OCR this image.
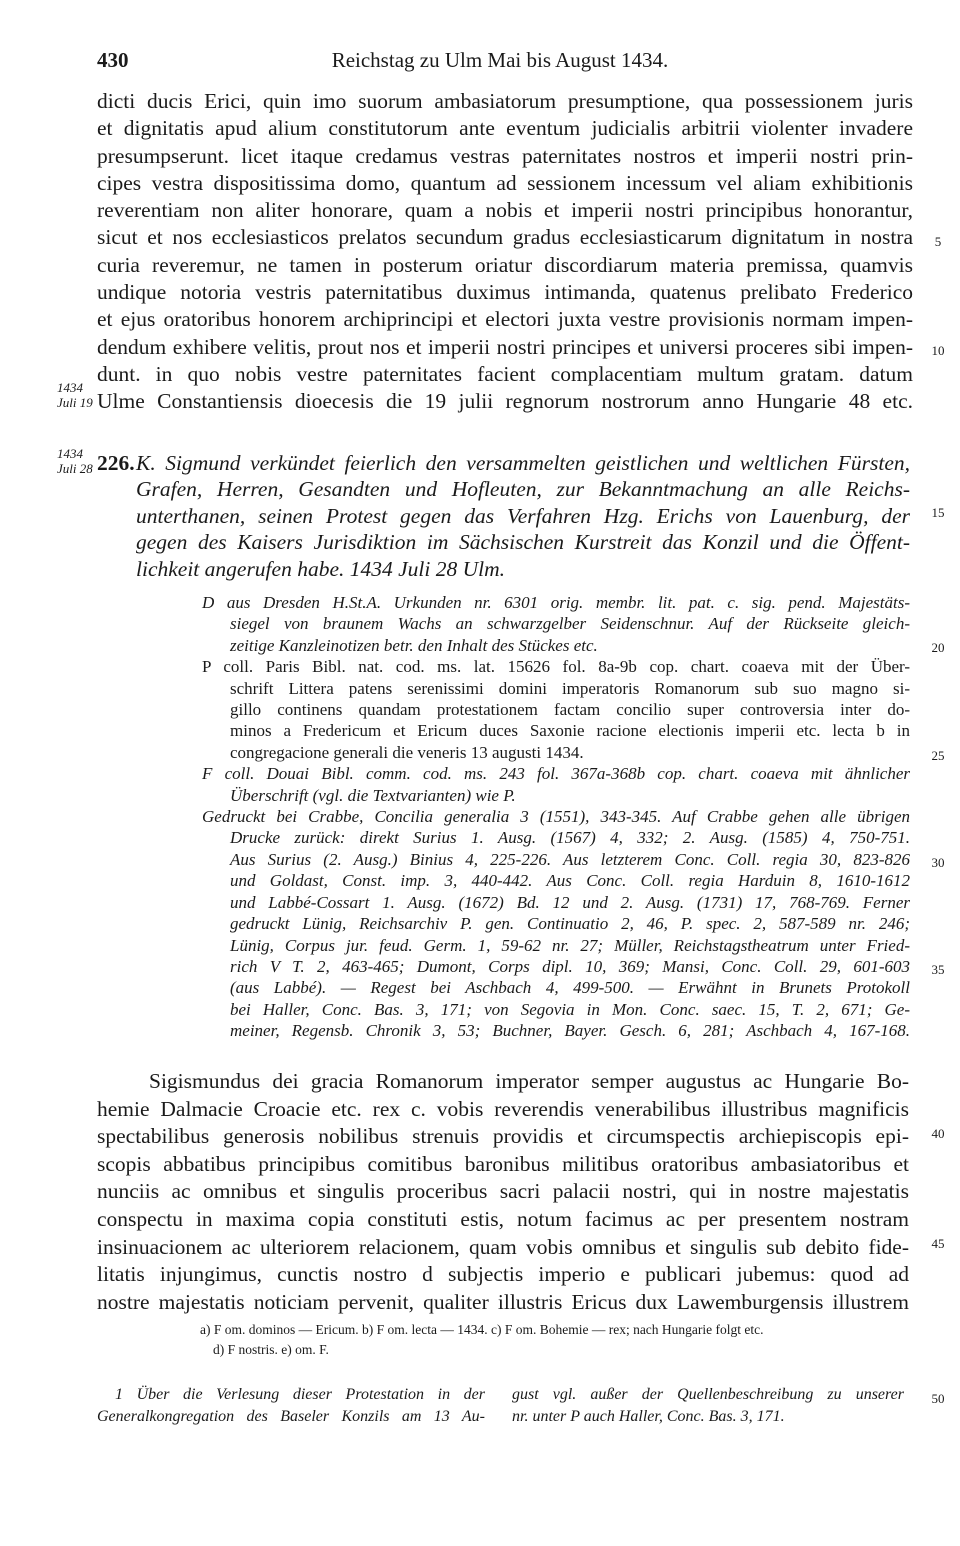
430	Reichstag zu Ulm Mai bis August 1434.

dicti ducis Erici, quin imo suorum ambasiatorum presumptione, qua possessionem juris

et dignitatis apud alium constitutorum ante eventum judicialis arbitrii violenter invadere

presumpserunt. licet itaque credamus vestras paternitates nostros et imperii nostri prin-

cipes vestra dispositissima domo, quantum ad sessionem incessum vel aliam exhibitionis

reverentiam non aliter honorare, quam a nobis et imperii nostri principibus honorantur,

sicut et nos ecclesiasticos prelatos secundum gradus ecclesiasticarum dignitatum in nostra

curia reveremur, ne tamen in posterum oriatur discordiarum materia premissa, quamvis

undique notoria vestris paternitatibus duximus intimanda, quatenus prelibato Frederico

et ejus oratoribus honorem archiprincipi et electori juxta vestre provisionis normam impen-

dendum exhibere velitis, prout nos et imperii nostri principes et universi proceres sibi impen-

dunt. in quo nobis vestre paternitates facient complacentiam multum gratam. datum

Ulme Constantiensis dioecesis die 19 julii regnorum nostrorum anno Hungarie 48 etc.

5
10
1434
Juli 19
1434
Juli 28 226. K. Sigmund verkündet feierlich den versammelten geistlichen und weltlichen Fürsten,

Grafen, Herren, Gesandten und Hofleuten, zur Bekanntmachung an alle Reichs-

unterthanen, seinen Protest gegen das Verfahren Hzg. Erichs von Lauenburg, der

gegen des Kaisers Jurisdiktion im Sächsischen Kurstreit das Konzil und die Öffent-

lichkeit angerufen habe. 1434 Juli 28 Ulm.

15

D aus Dresden H.St.A. Urkunden nr. 6301 orig. membr. lit. pat. c. sig. pend. Majestäts-

siegel von braunem Wachs an schwarzgelber Seidenschnur. Auf der Rückseite gleich-

zeitige Kanzleinotizen betr. den Inhalt des Stückes etc.

P coll. Paris Bibl. nat. cod. ms. lat. 15626 fol. 8a-9b cop. chart. coaeva mit der Über-

schrift Littera patens serenissimi domini imperatoris Romanorum sub suo magno si-

gillo continens quandam protestationem factam concilio super controversia inter do-

minos a Fredericum et Ericum duces Saxonie racione electionis imperii etc. lecta b in

congregacione generali die veneris 13 augusti 1434.

F coll. Douai Bibl. comm. cod. ms. 243 fol. 367a-368b cop. chart. coaeva mit ähnlicher

Überschrift (vgl. die Textvarianten) wie P.

Gedruckt bei Crabbe, Concilia generalia 3 (1551), 343-345. Auf Crabbe gehen alle übrigen

Drucke zurück: direkt Surius 1. Ausg. (1567) 4, 332; 2. Ausg. (1585) 4, 750-751.

Aus Surius (2. Ausg.) Binius 4, 225-226. Aus letzterem Conc. Coll. regia 30, 823-826

und Goldast, Const. imp. 3, 440-442. Aus Conc. Coll. regia Harduin 8, 1610-1612

und Labbé-Cossart 1. Ausg. (1672) Bd. 12 und 2. Ausg. (1731) 17, 768-769. Ferner

gedruckt Lünig, Reichsarchiv P. gen. Continuatio 2, 46, P. spec. 2, 587-589 nr. 246;

Lünig, Corpus jur. feud. Germ. 1, 59-62 nr. 27; Müller, Reichstagstheatrum unter Fried-

rich V T. 2, 463-465; Dumont, Corps dipl. 10, 369; Mansi, Conc. Coll. 29, 601-603

(aus Labbé). — Regest bei Aschbach 4, 499-500. — Erwähnt in Brunets Protokoll

bei Haller, Conc. Bas. 3, 171; von Segovia in Mon. Conc. saec. 15, T. 2, 671; Ge-

meiner, Regensb. Chronik 3, 53; Buchner, Bayer. Gesch. 6, 281; Aschbach 4, 167-168.

20
25
30
35

Sigismundus dei gracia Romanorum imperator semper augustus ac Hungarie Bo-

hemie Dalmacie Croacie etc. rex c. vobis reverendis venerabilibus illustribus magnificis

spectabilibus generosis nobilibus strenuis providis et circumspectis archiepiscopis epi-

scopis abbatibus principibus comitibus baronibus militibus oratoribus ambasiatoribus et

nunciis ac omnibus et singulis proceribus sacri palacii nostri, qui in nostre majestatis

conspectu in maxima copia constituti estis, notum facimus ac per presentem nostram

insinuacionem ac ulteriorem relacionem, quam vobis omnibus et singulis sub debito fide-

litatis injungimus, cunctis nostro d subjectis imperio e publicari jubemus: quod ad

nostre majestatis noticiam pervenit, qualiter illustris Ericus dux Lawemburgensis illustrem

40
45

a) F om. dominos — Ericum. b) F om. lecta — 1434. c) F om. Bohemie — rex; nach Hungarie folgt etc.

d) F nostris. e) om. F.

1 Über die Verlesung dieser Protestation in der

Generalkongregation des Baseler Konzils am 13 Au-

gust vgl. außer der Quellenbeschreibung zu unserer

nr. unter P auch Haller, Conc. Bas. 3, 171.

50
